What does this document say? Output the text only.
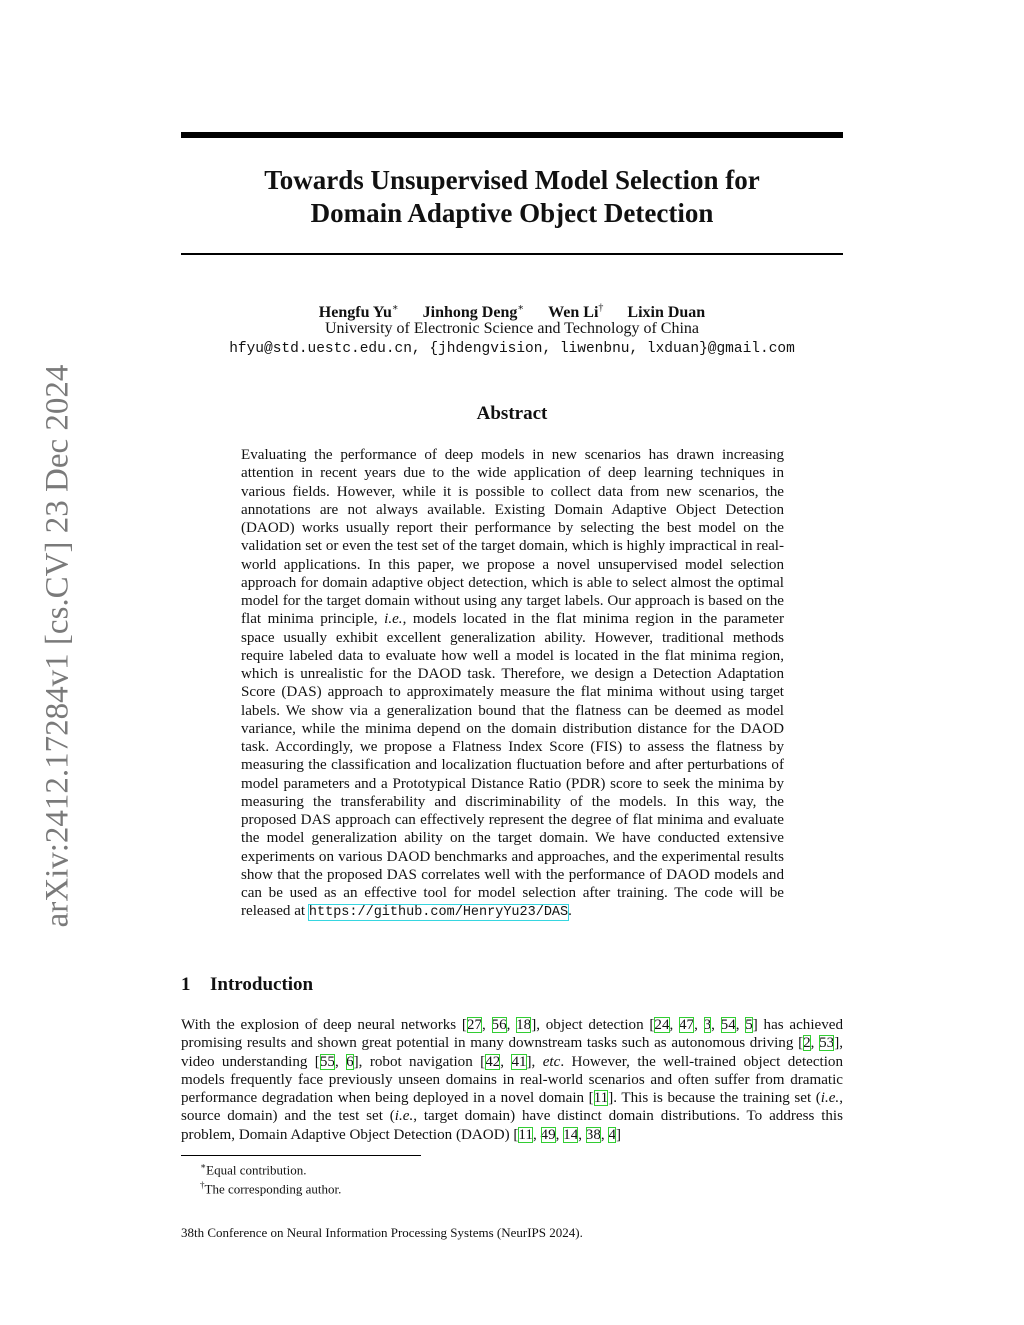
arXiv:2412.17284v1 [cs.CV] 23 Dec 2024
Towards Unsupervised Model Selection for
Domain Adaptive Object Detection
Hengfu Yu∗ Jinhong Deng∗ Wen Li† Lixin Duan
University of Electronic Science and Technology of China
hfyu@std.uestc.edu.cn, {jhdengvision, liwenbnu, lxduan}@gmail.com
Abstract
Evaluating the performance of deep models in new scenarios has drawn increasing attention in recent years due to the wide application of deep learning techniques in various fields. However, while it is possible to collect data from new scenarios, the annotations are not always available. Existing Domain Adaptive Object Detection (DAOD) works usually report their performance by selecting the best model on the validation set or even the test set of the target domain, which is highly impractical in real-world applications. In this paper, we propose a novel unsupervised model selection approach for domain adaptive object detection, which is able to select almost the optimal model for the target domain without using any target labels. Our approach is based on the flat minima principle, i.e., models located in the flat minima region in the parameter space usually exhibit excellent generalization ability. However, traditional methods require labeled data to evaluate how well a model is located in the flat minima region, which is unrealistic for the DAOD task. Therefore, we design a Detection Adaptation Score (DAS) approach to approximately measure the flat minima without using target labels. We show via a generalization bound that the flatness can be deemed as model variance, while the minima depend on the domain distribution distance for the DAOD task. Accordingly, we propose a Flatness Index Score (FIS) to assess the flatness by measuring the classification and localization fluctuation before and after perturbations of model parameters and a Prototypical Distance Ratio (PDR) score to seek the minima by measuring the transferability and discriminability of the models. In this way, the proposed DAS approach can effectively represent the degree of flat minima and evaluate the model generalization ability on the target domain. We have conducted extensive experiments on various DAOD benchmarks and approaches, and the experimental results show that the proposed DAS correlates well with the performance of DAOD models and can be used as an effective tool for model selection after training. The code will be released at https://github.com/HenryYu23/DAS.
1 Introduction
With the explosion of deep neural networks [27, 56, 18], object detection [24, 47, 3, 54, 5] has achieved promising results and shown great potential in many downstream tasks such as autonomous driving [2, 53], video understanding [55, 6], robot navigation [42, 41], etc. However, the well-trained object detection models frequently face previously unseen domains in real-world scenarios and often suffer from dramatic performance degradation when being deployed in a novel domain [11]. This is because the training set (i.e., source domain) and the test set (i.e., target domain) have distinct domain distributions. To address this problem, Domain Adaptive Object Detection (DAOD) [11, 49, 14, 38, 4]
∗Equal contribution.
†The corresponding author.
38th Conference on Neural Information Processing Systems (NeurIPS 2024).
